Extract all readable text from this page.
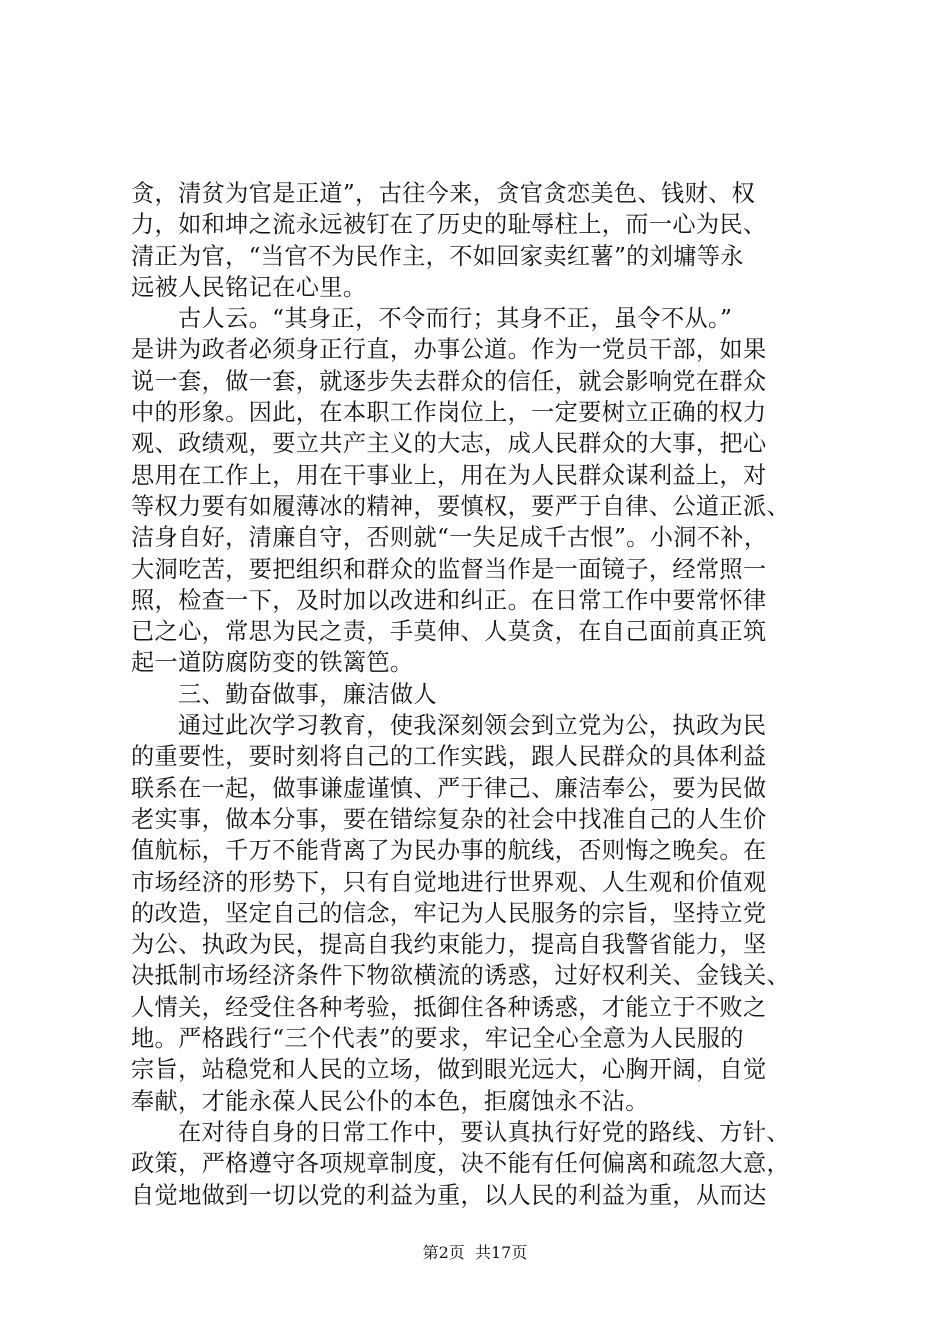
贪，清贫为官是正道”，古往今来，贪官贪恋美色、钱财、权
力，如和坤之流永远被钉在了历史的耻辱柱上，而一心为民、
清正为官，“当官不为民作主，不如回家卖红薯”的刘墉等永
远被人民铭记在心里。
古人云。“其身正，不令而行；其身不正，虽令不从。”
是讲为政者必须身正行直，办事公道。作为一党员干部，如果
说一套，做一套，就逐步失去群众的信任，就会影响党在群众
中的形象。因此，在本职工作岗位上，一定要树立正确的权力
观、政绩观，要立共产主义的大志，成人民群众的大事，把心
思用在工作上，用在干事业上，用在为人民群众谋利益上，对
等权力要有如履薄冰的精神，要慎权，要严于自律、公道正派、
洁身自好，清廉自守，否则就“一失足成千古恨”。小洞不补，
大洞吃苦，要把组织和群众的监督当作是一面镜子，经常照一
照，检查一下，及时加以改进和纠正。在日常工作中要常怀律
已之心，常思为民之责，手莫伸、人莫贪，在自己面前真正筑
起一道防腐防变的铁篱笆。
三、勤奋做事，廉洁做人
通过此次学习教育，使我深刻领会到立党为公，执政为民
的重要性，要时刻将自己的工作实践，跟人民群众的具体利益
联系在一起，做事谦虚谨慎、严于律己、廉洁奉公，要为民做
老实事，做本分事，要在错综复杂的社会中找准自己的人生价
值航标，千万不能背离了为民办事的航线，否则悔之晚矣。在
市场经济的形势下，只有自觉地进行世界观、人生观和价值观
的改造，坚定自己的信念，牢记为人民服务的宗旨，坚持立党
为公、执政为民，提高自我约束能力，提高自我警省能力，坚
决抵制市场经济条件下物欲横流的诱惑，过好权利关、金钱关、
人情关，经受住各种考验，抵御住各种诱惑，才能立于不败之
地。严格践行“三个代表”的要求，牢记全心全意为人民服的
宗旨，站稳党和人民的立场，做到眼光远大，心胸开阔，自觉
奉献，才能永葆人民公仆的本色，拒腐蚀永不沾。
在对待自身的日常工作中，要认真执行好党的路线、方针、
政策，严格遵守各项规章制度，决不能有任何偏离和疏忽大意，
自觉地做到一切以党的利益为重，以人民的利益为重，从而达
第2页 共17页
